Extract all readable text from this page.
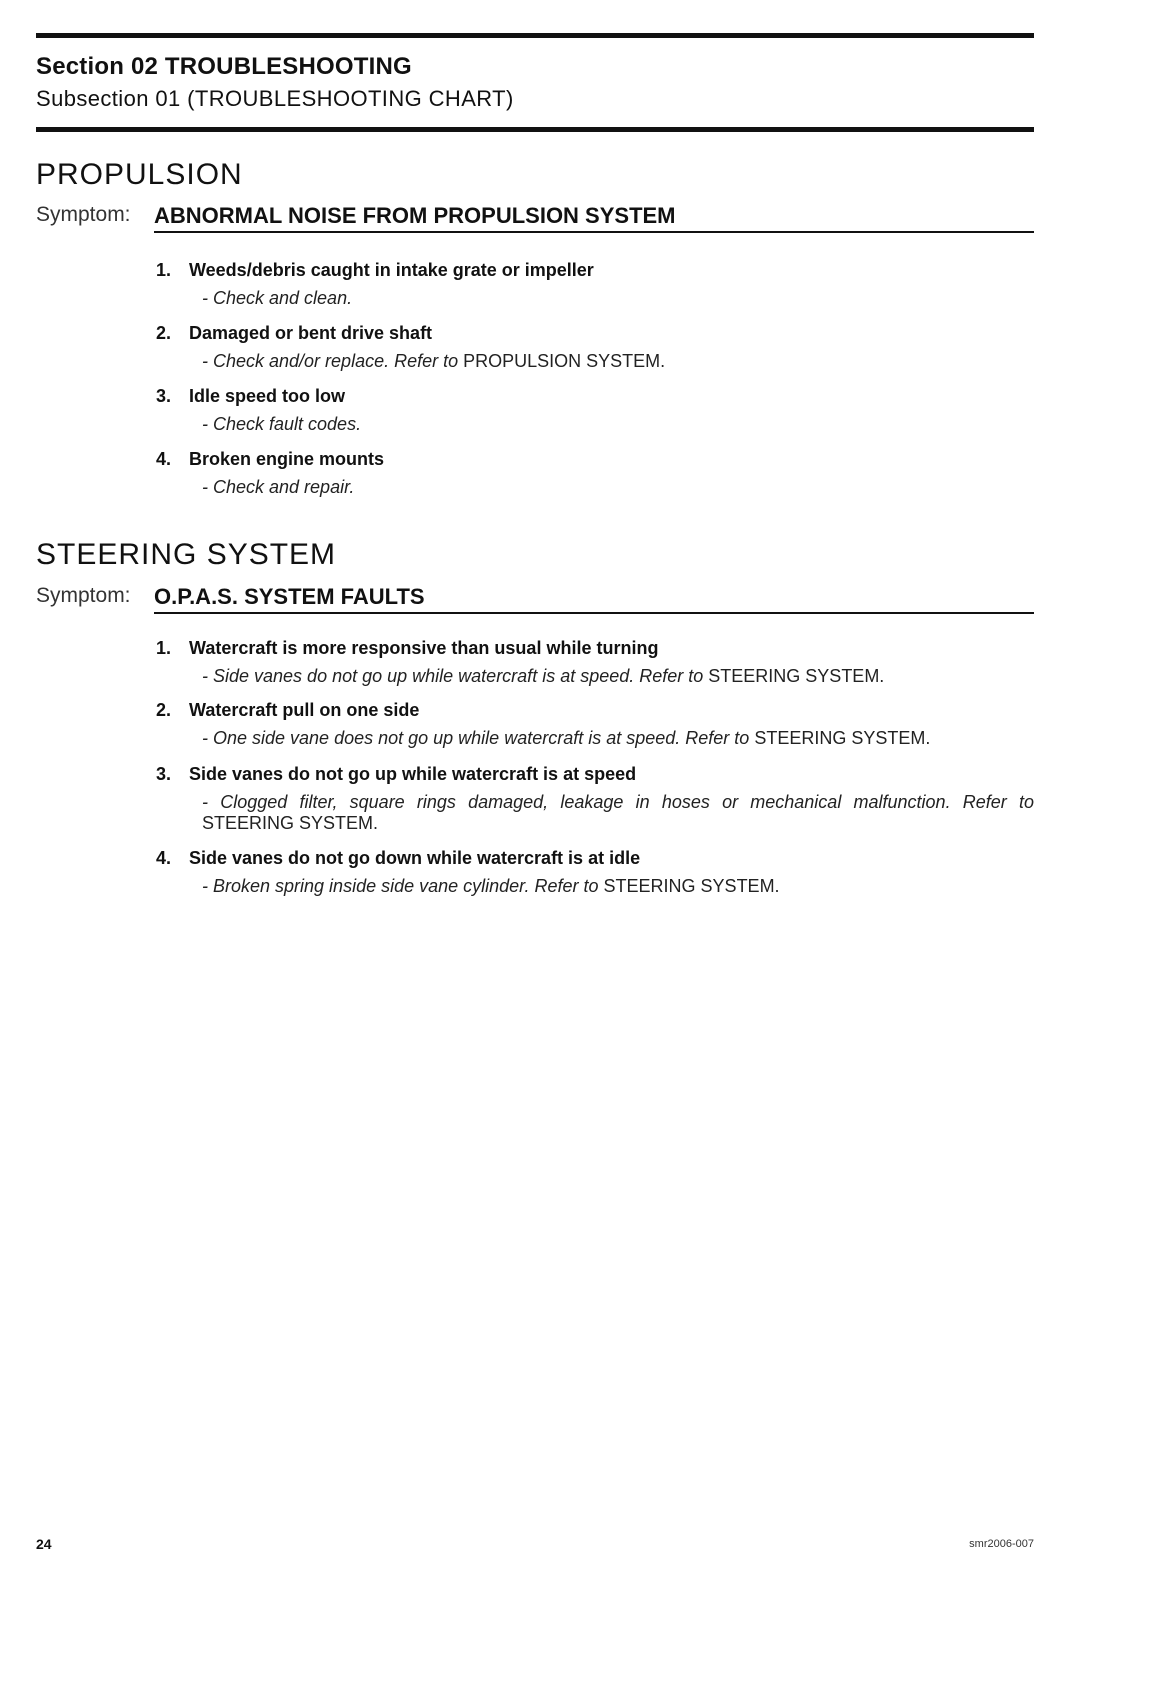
Section 02 TROUBLESHOOTING
Subsection 01 (TROUBLESHOOTING CHART)
PROPULSION
Symptom: ABNORMAL NOISE FROM PROPULSION SYSTEM
1. Weeds/debris caught in intake grate or impeller
- Check and clean.
2. Damaged or bent drive shaft
- Check and/or replace. Refer to PROPULSION SYSTEM.
3. Idle speed too low
- Check fault codes.
4. Broken engine mounts
- Check and repair.
STEERING SYSTEM
Symptom: O.P.A.S. SYSTEM FAULTS
1. Watercraft is more responsive than usual while turning
- Side vanes do not go up while watercraft is at speed. Refer to STEERING SYSTEM.
2. Watercraft pull on one side
- One side vane does not go up while watercraft is at speed. Refer to STEERING SYSTEM.
3. Side vanes do not go up while watercraft is at speed
- Clogged filter, square rings damaged, leakage in hoses or mechanical malfunction. Refer to STEERING SYSTEM.
4. Side vanes do not go down while watercraft is at idle
- Broken spring inside side vane cylinder. Refer to STEERING SYSTEM.
24	smr2006-007
